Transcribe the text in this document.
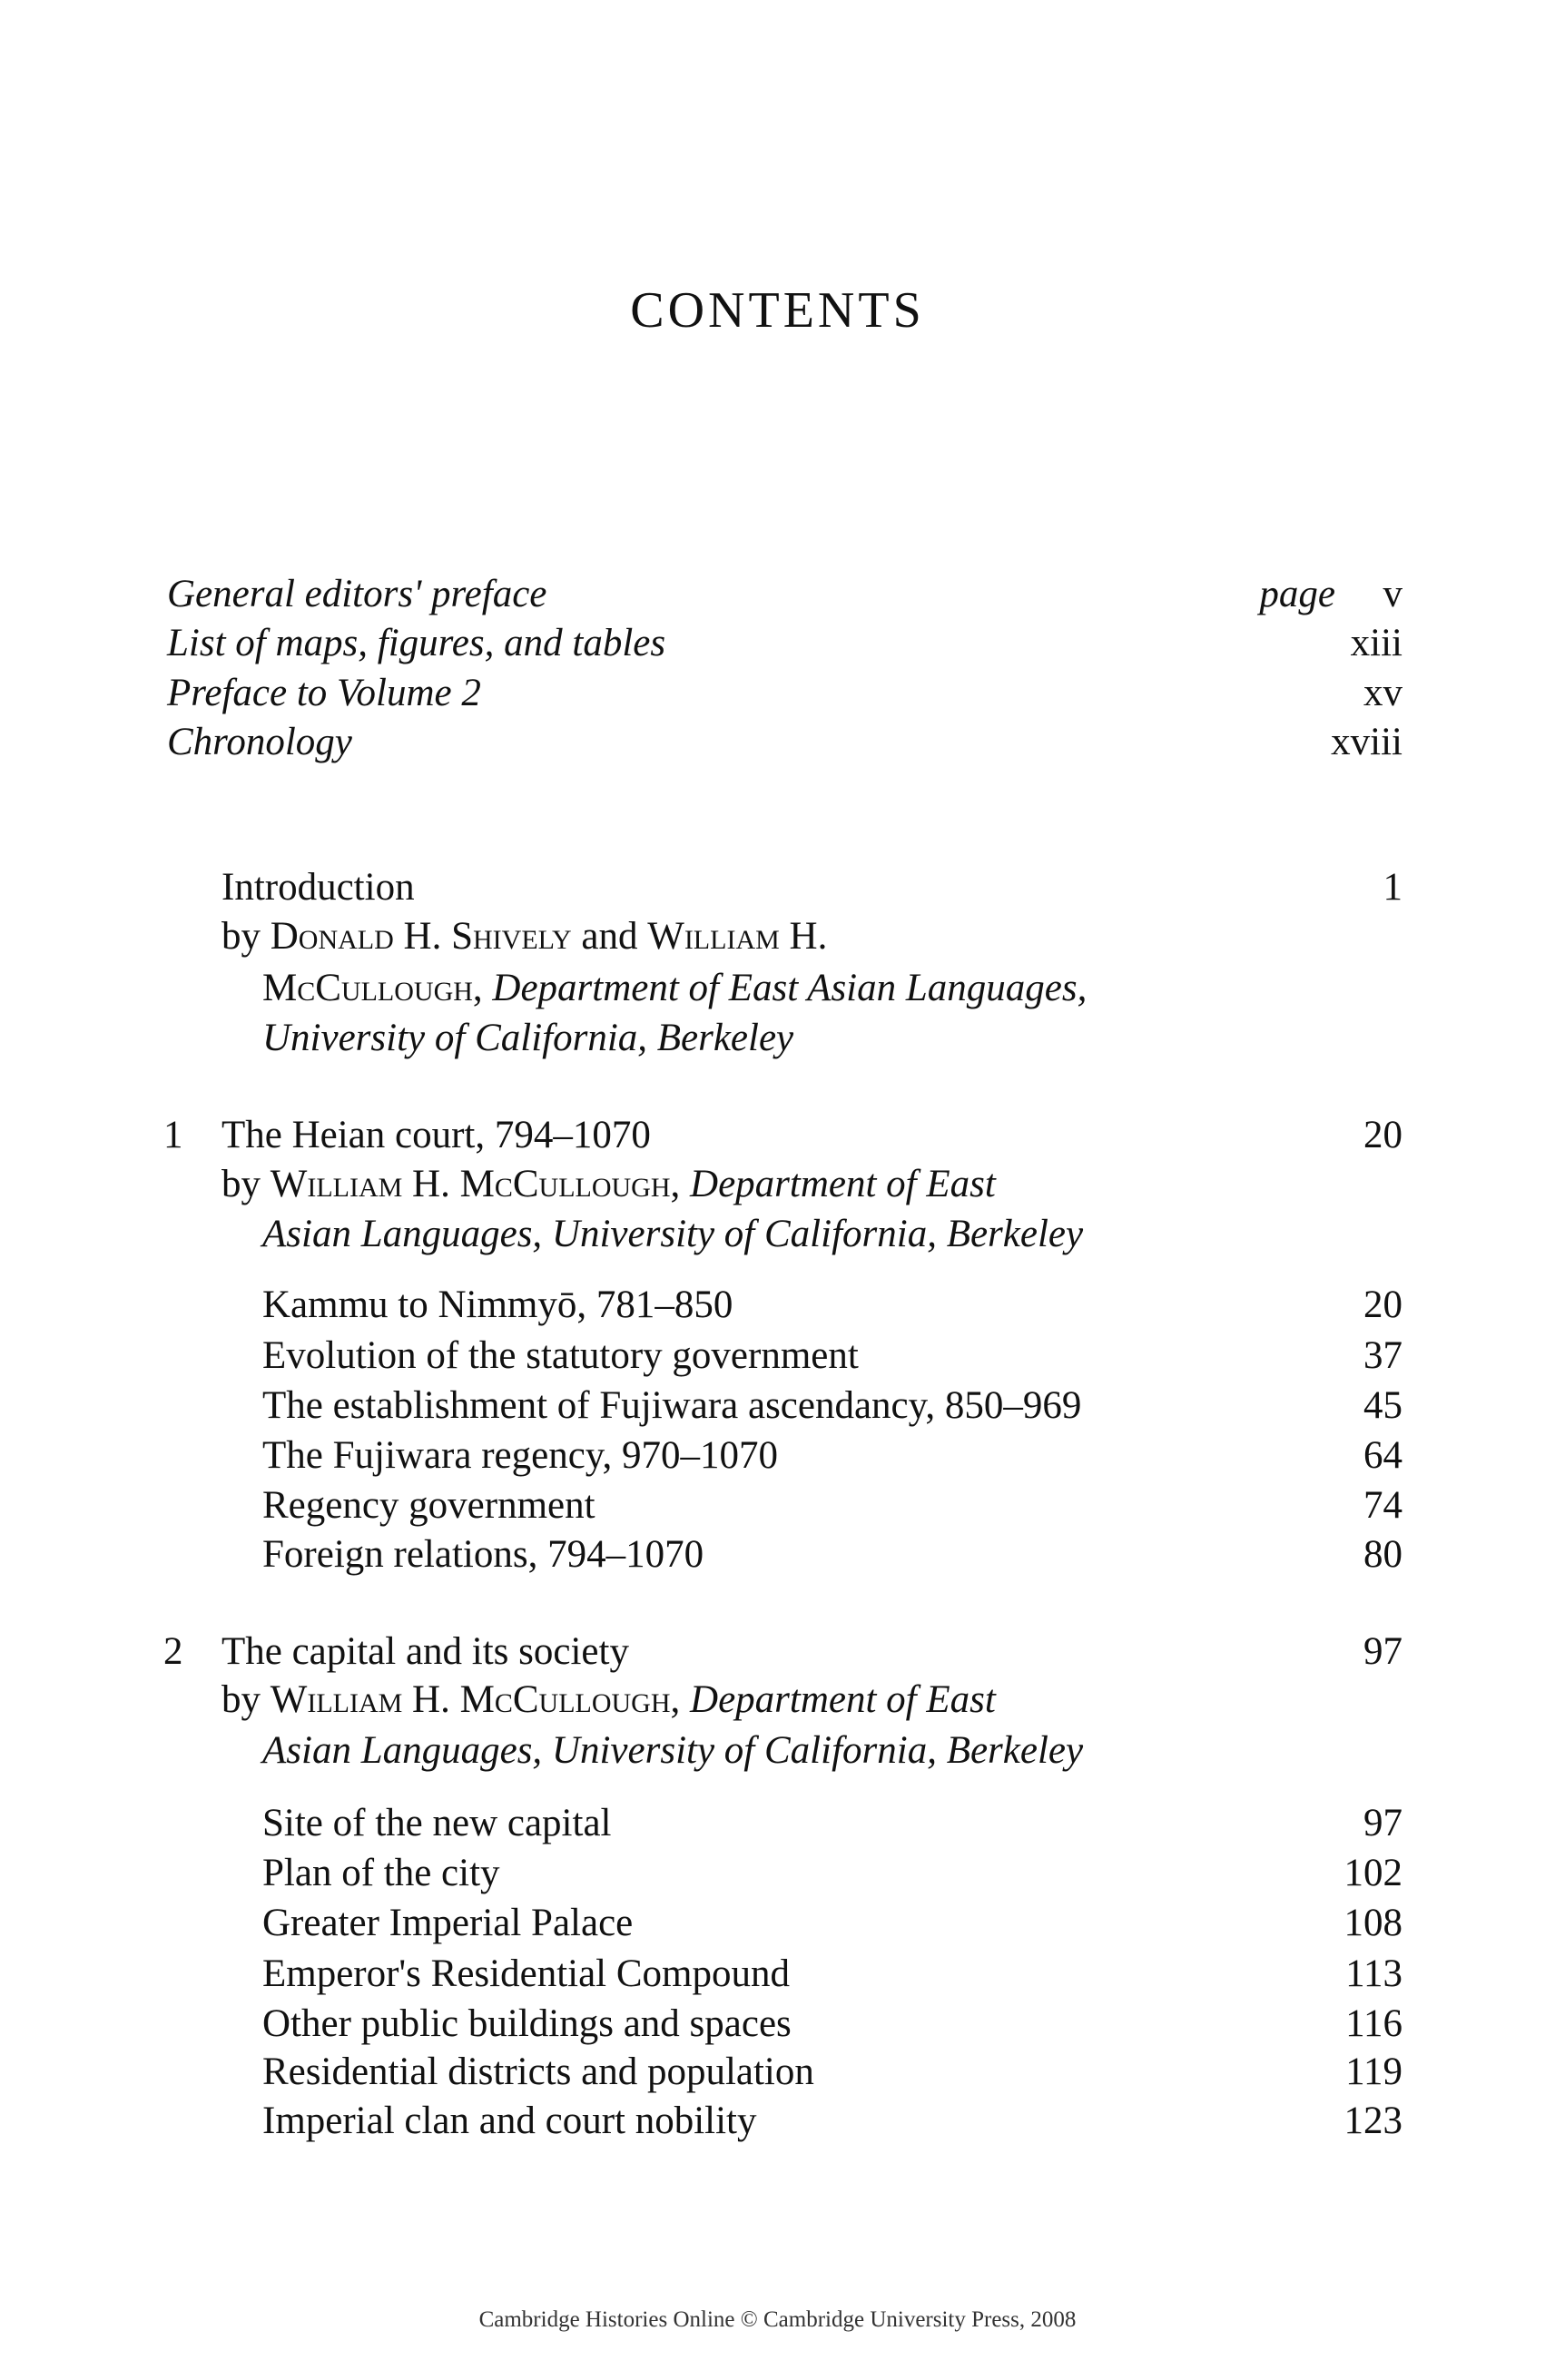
CONTENTS
General editors' preface	page v
List of maps, figures, and tables	xiii
Preface to Volume 2	xv
Chronology	xviii
Introduction	1
by Donald H. Shively and William H.
McCullough, Department of East Asian Languages,
University of California, Berkeley
1 The Heian court, 794–1070	20
by William H. McCullough, Department of East
Asian Languages, University of California, Berkeley
Kammu to Nimmyō, 781–850	20
Evolution of the statutory government	37
The establishment of Fujiwara ascendancy, 850–969	45
The Fujiwara regency, 970–1070	64
Regency government	74
Foreign relations, 794–1070	80
2 The capital and its society	97
by William H. McCullough, Department of East
Asian Languages, University of California, Berkeley
Site of the new capital	97
Plan of the city	102
Greater Imperial Palace	108
Emperor's Residential Compound	113
Other public buildings and spaces	116
Residential districts and population	119
Imperial clan and court nobility	123
Cambridge Histories Online © Cambridge University Press, 2008
